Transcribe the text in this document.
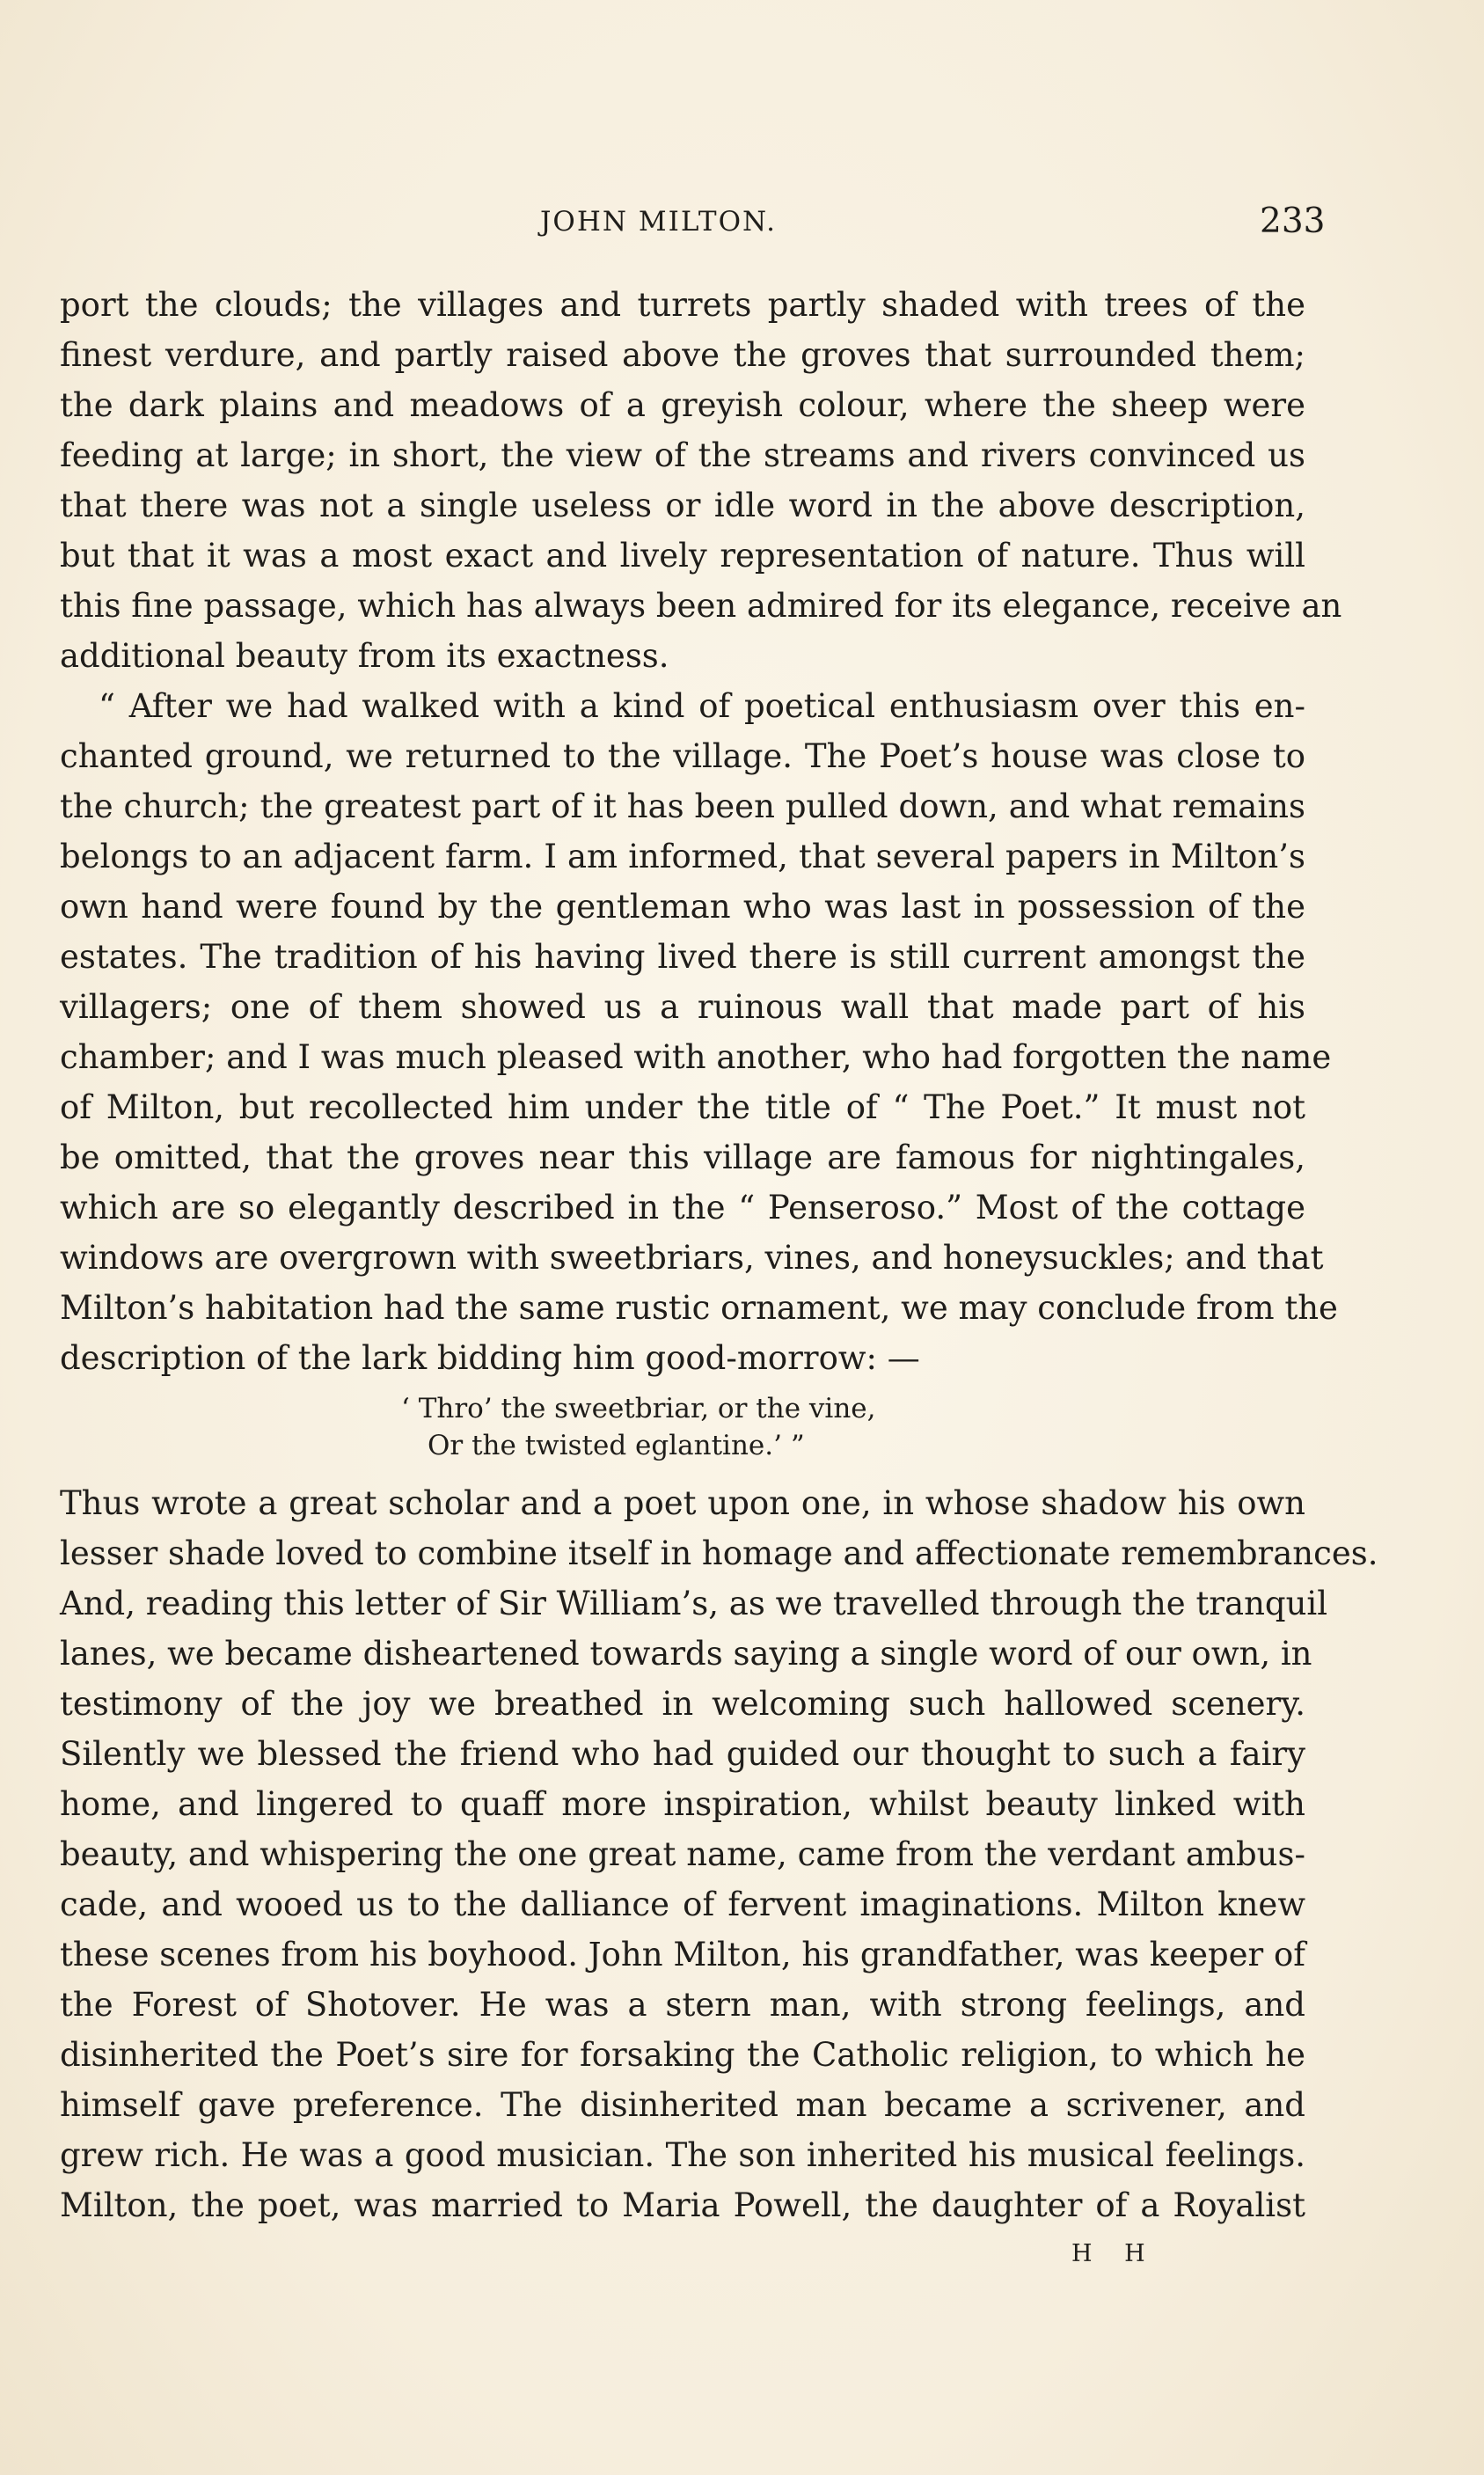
JOHN MILTON.	233
port the clouds; the villages and turrets partly shaded with trees of the
finest verdure, and partly raised above the groves that surrounded them;
the dark plains and meadows of a greyish colour, where the sheep were
feeding at large; in short, the view of the streams and rivers convinced us
that there was not a single useless or idle word in the above description,
but that it was a most exact and lively representation of nature. Thus will
this fine passage, which has always been admired for its elegance, receive an
additional beauty from its exactness.
“ After we had walked with a kind of poetical enthusiasm over this en-
chanted ground, we returned to the village. The Poet’s house was close to
the church; the greatest part of it has been pulled down, and what remains
belongs to an adjacent farm. I am informed, that several papers in Milton’s
own hand were found by the gentleman who was last in possession of the
estates. The tradition of his having lived there is still current amongst the
villagers; one of them showed us a ruinous wall that made part of his
chamber; and I was much pleased with another, who had forgotten the name
of Milton, but recollected him under the title of “ The Poet.” It must not
be omitted, that the groves near this village are famous for nightingales,
which are so elegantly described in the “ Penseroso.” Most of the cottage
windows are overgrown with sweetbriars, vines, and honeysuckles; and that
Milton’s habitation had the same rustic ornament, we may conclude from the
description of the lark bidding him good-morrow: —
‘ Thro’ the sweetbriar, or the vine,
Or the twisted eglantine.’ ”
Thus wrote a great scholar and a poet upon one, in whose shadow his own
lesser shade loved to combine itself in homage and affectionate remembrances.
And, reading this letter of Sir William’s, as we travelled through the tranquil
lanes, we became disheartened towards saying a single word of our own, in
testimony of the joy we breathed in welcoming such hallowed scenery.
Silently we blessed the friend who had guided our thought to such a fairy
home, and lingered to quaff more inspiration, whilst beauty linked with
beauty, and whispering the one great name, came from the verdant ambus-
cade, and wooed us to the dalliance of fervent imaginations. Milton knew
these scenes from his boyhood. John Milton, his grandfather, was keeper of
the Forest of Shotover. He was a stern man, with strong feelings, and
disinherited the Poet’s sire for forsaking the Catholic religion, to which he
himself gave preference. The disinherited man became a scrivener, and
grew rich. He was a good musician. The son inherited his musical feelings.
Milton, the poet, was married to Maria Powell, the daughter of a Royalist
H H
